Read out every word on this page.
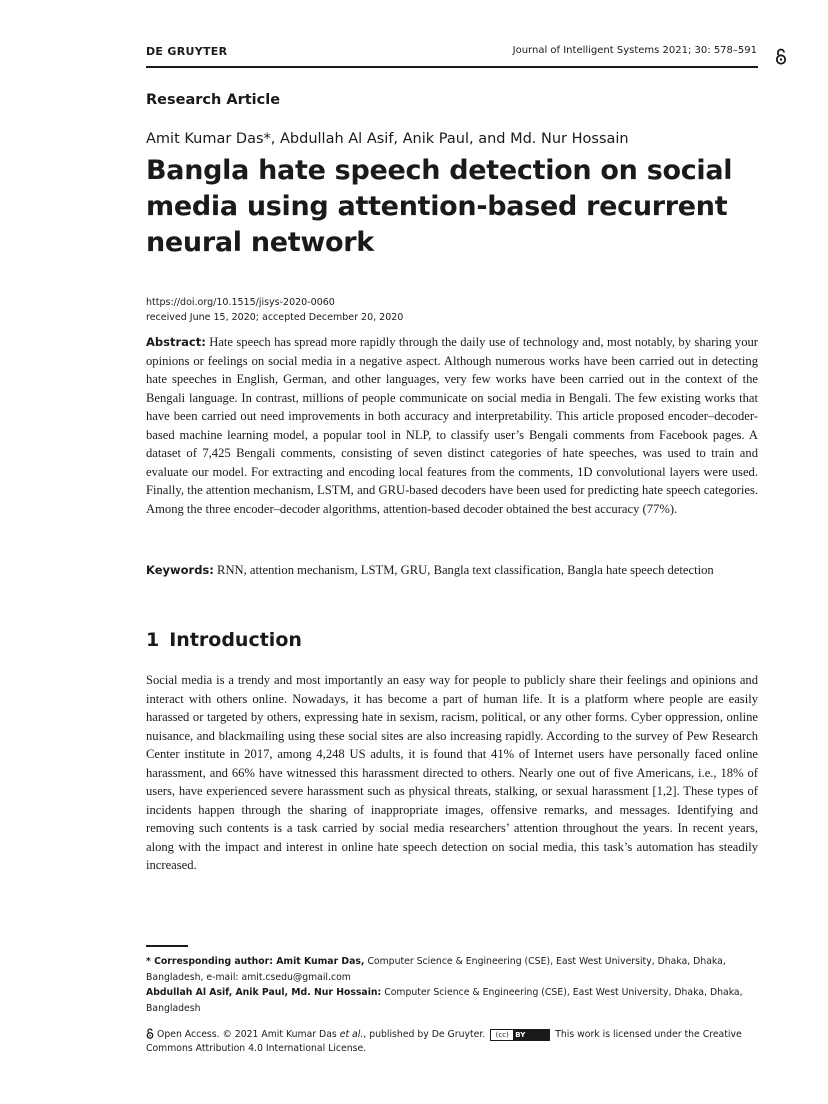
DE GRUYTER	Journal of Intelligent Systems 2021; 30: 578–591
Research Article
Amit Kumar Das*, Abdullah Al Asif, Anik Paul, and Md. Nur Hossain
Bangla hate speech detection on social media using attention-based recurrent neural network
https://doi.org/10.1515/jisys-2020-0060
received June 15, 2020; accepted December 20, 2020

Abstract: Hate speech has spread more rapidly through the daily use of technology and, most notably, by sharing your opinions or feelings on social media in a negative aspect. Although numerous works have been carried out in detecting hate speeches in English, German, and other languages, very few works have been carried out in the context of the Bengali language. In contrast, millions of people communicate on social media in Bengali. The few existing works that have been carried out need improvements in both accuracy and interpretability. This article proposed encoder–decoder-based machine learning model, a popular tool in NLP, to classify user’s Bengali comments from Facebook pages. A dataset of 7,425 Bengali comments, consisting of seven distinct categories of hate speeches, was used to train and evaluate our model. For extracting and encoding local features from the comments, 1D convolutional layers were used. Finally, the attention mechanism, LSTM, and GRU-based decoders have been used for predicting hate speech categories. Among the three encoder–decoder algorithms, attention-based decoder obtained the best accuracy (77%).

Keywords: RNN, attention mechanism, LSTM, GRU, Bangla text classification, Bangla hate speech detection

1 Introduction

Social media is a trendy and most importantly an easy way for people to publicly share their feelings and opinions and interact with others online. Nowadays, it has become a part of human life. It is a platform where people are easily harassed or targeted by others, expressing hate in sexism, racism, political, or any other forms. Cyber oppression, online nuisance, and blackmailing using these social sites are also increasing rapidly. According to the survey of Pew Research Center institute in 2017, among 4,248 US adults, it is found that 41% of Internet users have personally faced online harassment, and 66% have witnessed this harassment directed to others. Nearly one out of five Americans, i.e., 18% of users, have experienced severe harassment such as physical threats, stalking, or sexual harassment [1,2]. These types of incidents happen through the sharing of inappropriate images, offensive remarks, and messages. Identifying and removing such contents is a task carried by social media researchers’ attention throughout the years. In recent years, along with the impact and interest in online hate speech detection on social media, this task’s automation has steadily increased.

* Corresponding author: Amit Kumar Das, Computer Science & Engineering (CSE), East West University, Dhaka, Dhaka, Bangladesh, e-mail: amit.csedu@gmail.com

Abdullah Al Asif, Anik Paul, Md. Nur Hossain: Computer Science & Engineering (CSE), East West University, Dhaka, Dhaka, Bangladesh

Open Access. © 2021 Amit Kumar Das et al., published by De Gruyter.	(cc) BY	This work is licensed under the Creative Commons Attribution 4.0 International License.
